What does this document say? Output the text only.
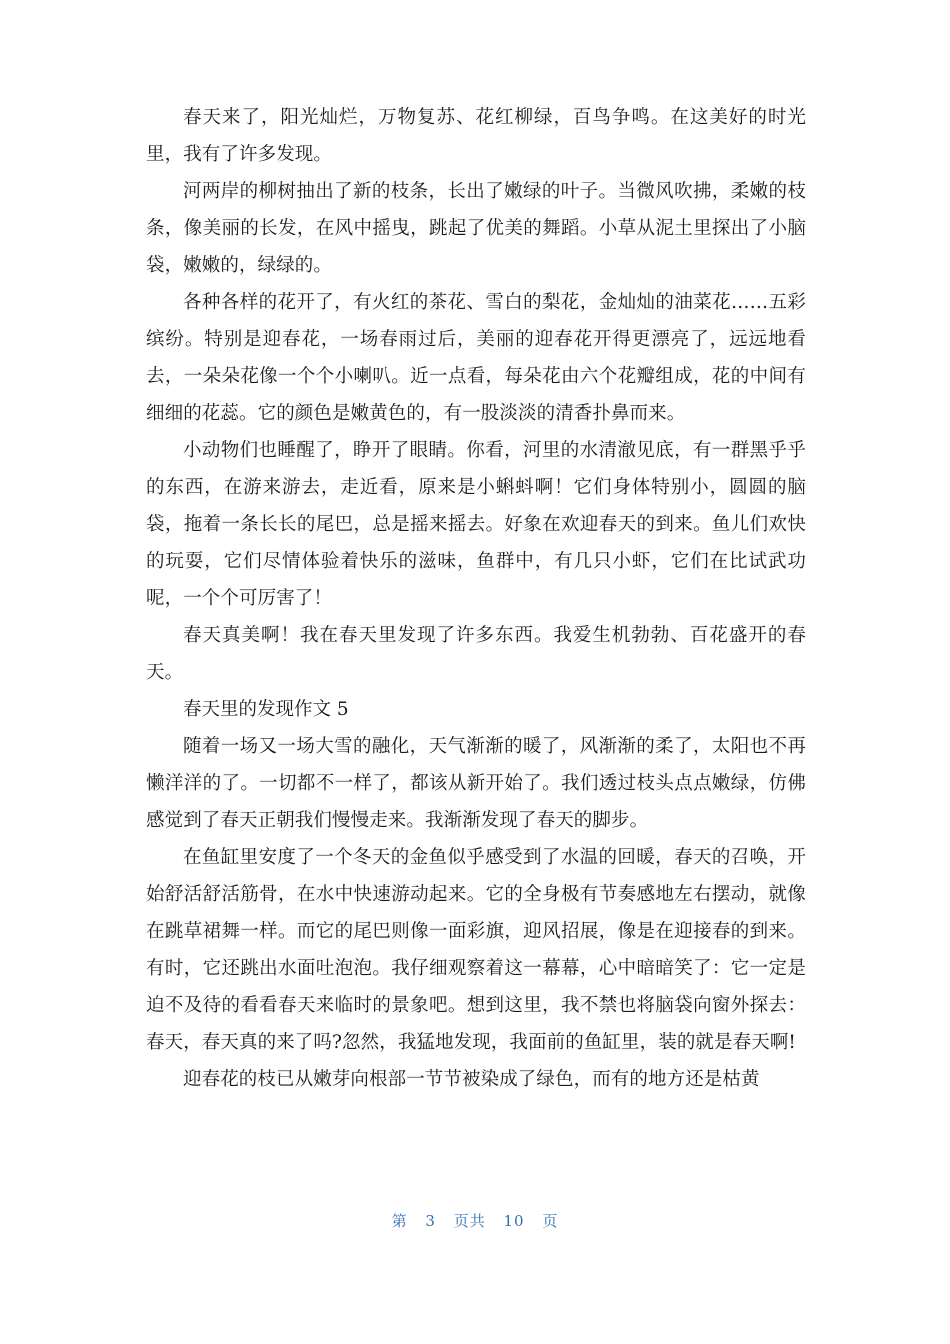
春天来了，阳光灿烂，万物复苏、花红柳绿，百鸟争鸣。在这美好的时光里，我有了许多发现。

河两岸的柳树抽出了新的枝条，长出了嫩绿的叶子。当微风吹拂，柔嫩的枝条，像美丽的长发，在风中摇曳，跳起了优美的舞蹈。小草从泥土里探出了小脑袋，嫩嫩的，绿绿的。

各种各样的花开了，有火红的茶花、雪白的梨花，金灿灿的油菜花……五彩缤纷。特别是迎春花，一场春雨过后，美丽的迎春花开得更漂亮了，远远地看去，一朵朵花像一个个小喇叭。近一点看，每朵花由六个花瓣组成，花的中间有细细的花蕊。它的颜色是嫩黄色的，有一股淡淡的清香扑鼻而来。

小动物们也睡醒了，睁开了眼睛。你看，河里的水清澈见底，有一群黑乎乎的东西，在游来游去，走近看，原来是小蝌蚪啊！它们身体特别小，圆圆的脑袋，拖着一条长长的尾巴，总是摇来摇去。好象在欢迎春天的到来。鱼儿们欢快的玩耍，它们尽情体验着快乐的滋味，鱼群中，有几只小虾，它们在比试武功呢，一个个可厉害了！

春天真美啊！我在春天里发现了许多东西。我爱生机勃勃、百花盛开的春天。

春天里的发现作文 5

随着一场又一场大雪的融化，天气渐渐的暖了，风渐渐的柔了，太阳也不再懒洋洋的了。一切都不一样了，都该从新开始了。我们透过枝头点点嫩绿，仿佛感觉到了春天正朝我们慢慢走来。我渐渐发现了春天的脚步。

在鱼缸里安度了一个冬天的金鱼似乎感受到了水温的回暖，春天的召唤，开始舒活舒活筋骨，在水中快速游动起来。它的全身极有节奏感地左右摆动，就像在跳草裙舞一样。而它的尾巴则像一面彩旗，迎风招展，像是在迎接春的到来。有时，它还跳出水面吐泡泡。我仔细观察着这一幕幕，心中暗暗笑了：它一定是迫不及待的看看春天来临时的景象吧。想到这里，我不禁也将脑袋向窗外探去：春天，春天真的来了吗?忽然，我猛地发现，我面前的鱼缸里，装的就是春天啊!

迎春花的枝已从嫩芽向根部一节节被染成了绿色，而有的地方还是枯黄

第 3 页共 10 页
